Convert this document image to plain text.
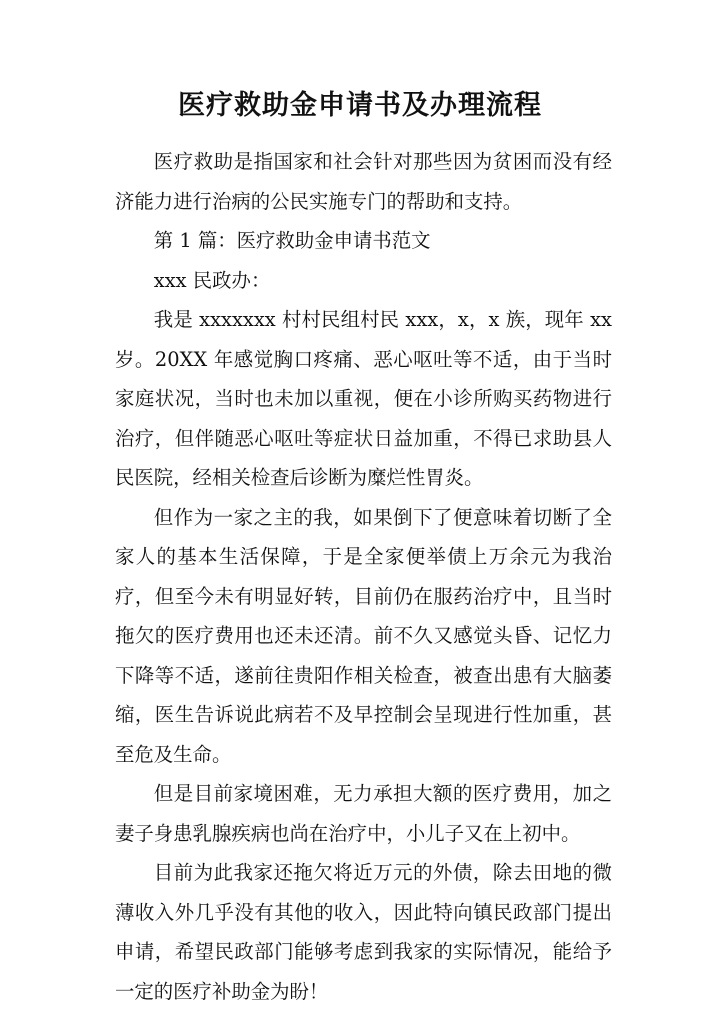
医疗救助金申请书及办理流程

医疗救助是指国家和社会针对那些因为贫困而没有经济能力进行治病的公民实施专门的帮助和支持。

第 1 篇：医疗救助金申请书范文

xxx 民政办：

我是 xxxxxxx 村村民组村民 xxx，x，x 族，现年 xx 岁。20XX 年感觉胸口疼痛、恶心呕吐等不适，由于当时家庭状况，当时也未加以重视，便在小诊所购买药物进行治疗，但伴随恶心呕吐等症状日益加重，不得已求助县人民医院，经相关检查后诊断为糜烂性胃炎。

但作为一家之主的我，如果倒下了便意味着切断了全家人的基本生活保障，于是全家便举债上万余元为我治疗，但至今未有明显好转，目前仍在服药治疗中，且当时拖欠的医疗费用也还未还清。前不久又感觉头昏、记忆力下降等不适，遂前往贵阳作相关检查，被查出患有大脑萎缩，医生告诉说此病若不及早控制会呈现进行性加重，甚至危及生命。

但是目前家境困难，无力承担大额的医疗费用，加之妻子身患乳腺疾病也尚在治疗中，小儿子又在上初中。

目前为此我家还拖欠将近万元的外债，除去田地的微薄收入外几乎没有其他的收入，因此特向镇民政部门提出申请，希望民政部门能够考虑到我家的实际情况，能给予一定的医疗补助金为盼！
